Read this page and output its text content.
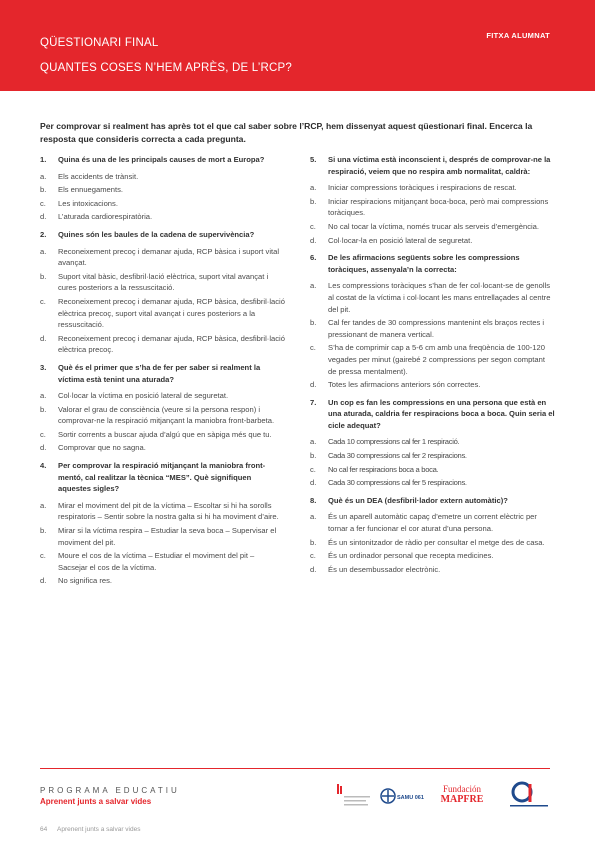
QÜESTIONARI FINAL
QUANTES COSES N’HEM APRÈS, DE L’RCP?
FITXA ALUMNAT
Per comprovar si realment has après tot el que cal saber sobre l’RCP, hem dissenyat aquest qüestionari final. Encerca la resposta que consideris correcta a cada pregunta.
1.	Quina és una de les principals causes de mort a Europa?
a.	Els accidents de trànsit.
b.	Els ennuegaments.
c.	Les intoxicacions.
d.	L’aturada cardiorespiratòria.
2.	Quines són les baules de la cadena de supervivència?
a.	Reconeixement precoç i demanar ajuda, RCP bàsica i suport vital avançat.
b.	Suport vital bàsic, desfibril·lació elèctrica, suport vital avançat i cures posteriors a la ressuscitació.
c.	Reconeixement precoç i demanar ajuda, RCP bàsica, desfibril·lació elèctrica precoç, suport vital avançat i cures posteriors a la ressuscitació.
d.	Reconeixement precoç i demanar ajuda, RCP bàsica, desfibril·lació elèctrica precoç.
3.	Què és el primer que s’ha de fer per saber si realment la víctima està tenint una aturada?
a.	Col·locar la víctima en posició lateral de seguretat.
b.	Valorar el grau de consciència (veure si la persona respon) i comprovar-ne la respiració mitjançant la maniobra front-barbeta.
c.	Sortir corrents a buscar ajuda d’algú que en sàpiga més que tu.
d.	Comprovar que no sagna.
4.	Per comprovar la respiració mitjançant la maniobra front-mentó, cal realitzar la tècnica “MES”. Què signifiquen aquestes sigles?
a.	Mirar el moviment del pit de la víctima – Escoltar si hi ha sorolls respiratoris – Sentir sobre la nostra galta si hi ha moviment d’aire.
b.	Mirar si la víctima respira – Estudiar la seva boca – Supervisar el moviment del pit.
c.	Moure el cos de la víctima – Estudiar el moviment del pit – Sacsejar el cos de la víctima.
d.	No significa res.
5.	Si una víctima està inconscient i, després de comprovar-ne la respiració, veiem que no respira amb normalitat, caldrà:
a.	Iniciar compressions toràciques i respiracions de rescat.
b.	Iniciar respiracions mitjançant boca-boca, però mai compressions toràciques.
c.	No cal tocar la víctima, només trucar als serveis d’emergència.
d.	Col·locar-la en posició lateral de seguretat.
6.	De les afirmacions següents sobre les compressions toràciques, assenyala’n la correcta:
a.	Les compressions toràciques s’han de fer col·locant-se de genolls al costat de la víctima i col·locant les mans entrellaçades al centre del pit.
b.	Cal fer tandes de 30 compressions mantenint els braços rectes i pressionant de manera vertical.
c.	S’ha de comprimir cap a 5-6 cm amb una freqüència de 100-120 vegades per minut (gairebé 2 compressions per segon comptant de pressa mentalment).
d.	Totes les afirmacions anteriors són correctes.
7.	Un cop es fan les compressions en una persona que està en una aturada, caldria fer respiracions boca a boca. Quin seria el cicle adequat?
a.	Cada 10 compressions cal fer 1 respiració.
b.	Cada 30 compressions cal fer 2 respiracions.
c.	No cal fer respiracions boca a boca.
d.	Cada 30 compressions cal fer 5 respiracions.
8.	Què és un DEA (desfibril·lador extern automàtic)?
a.	És un aparell automàtic capaç d’emetre un corrent elèctric per tornar a fer funcionar el cor aturat d’una persona.
b.	És un sintonitzador de ràdio per consultar el metge des de casa.
c.	És un ordinador personal que recepta medicines.
d.	És un desembussador electrònic.
PROGRAMA EDUCATIU
Aprenent junts a salvar vides
64 Aprenent junts a salvar vides
SAMU 061
Fundación
MAPFRE
